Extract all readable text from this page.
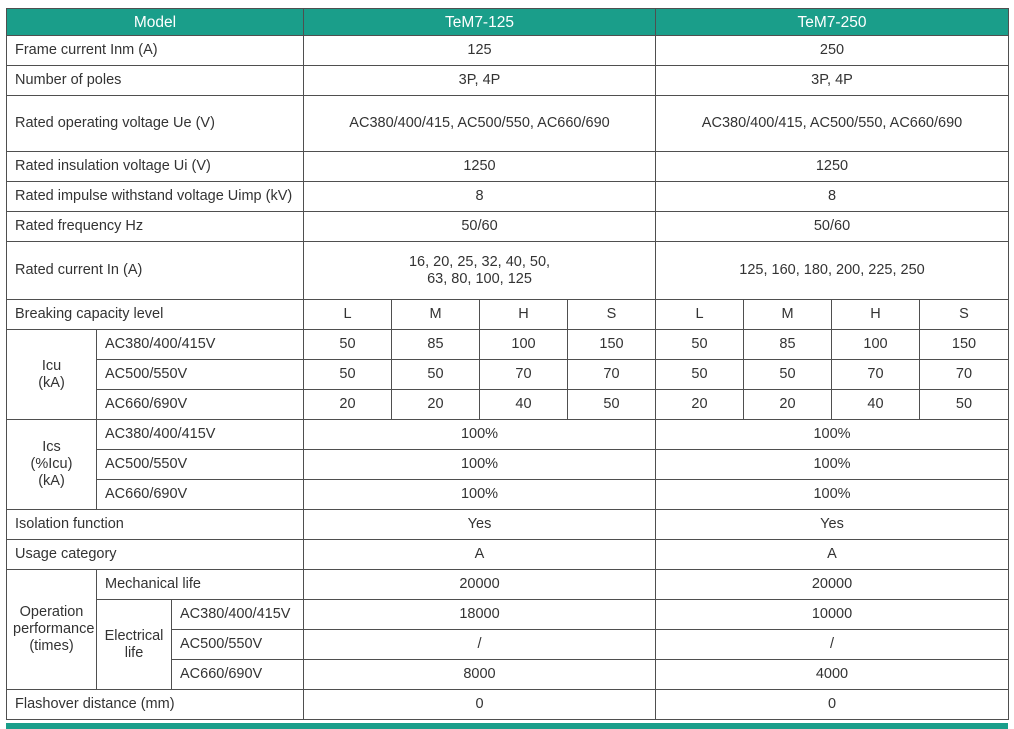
Model			TeM7-125				TeM7-250			
Frame current Inm (A)			125				250			
Number of poles			3P, 4P				3P, 4P			
Rated operating voltage Ue (V)			AC380/400/415, AC500/550, AC660/690				AC380/400/415, AC500/550, AC660/690			
Rated insulation voltage Ui (V)			1250				1250			
Rated impulse withstand voltage Uimp (kV)			8				8			
Rated frequency Hz			50/60				50/60			
Rated current In (A)			16, 20, 25, 32, 40, 50,
63, 80, 100, 125				125, 160, 180, 200, 225, 250			
Breaking capacity level			L	M	H	S	L	M	H	S

Icu
(kA)	AC380/400/415V		50	85	100	150	50	85	100	150
	AC500/550V		50	50	70	70	50	50	70	70
	AC660/690V		20	20	40	50	20	20	40	50

Ics
(%Icu)
(kA)	AC380/400/415V		100%				100%			
	AC500/550V		100%				100%			
	AC660/690V		100%				100%			
Isolation function			Yes				Yes			
Usage category			A				A			

Operation
performance
(times)	Mechanical life		20000				20000			

	Electrical
life	AC380/400/415V	18000				10000			
		AC500/550V	/				/			
		AC660/690V	8000				4000			
Flashover distance (mm)			0				0			
